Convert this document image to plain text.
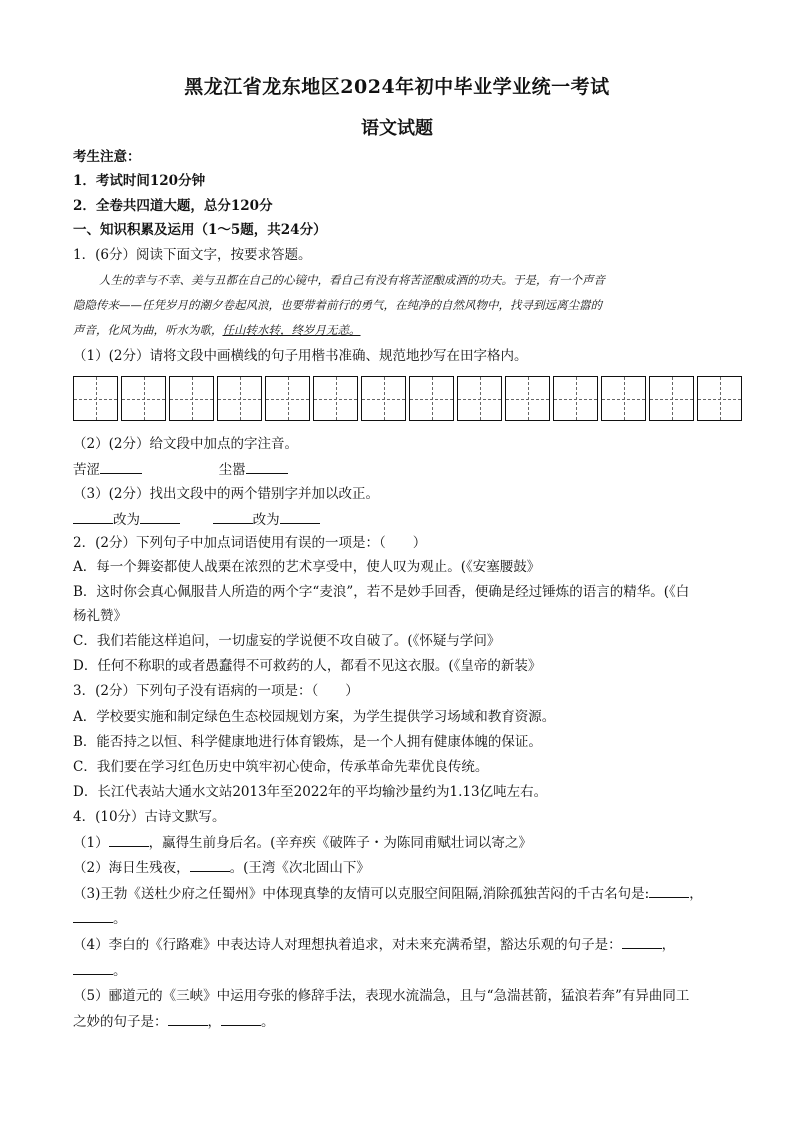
黑龙江省龙东地区2024年初中毕业学业统一考试
语文试题
考生注意：
1．考试时间120分钟
2．全卷共四道大题，总分120分
一、知识积累及运用（1～5题，共24分）
1．(6分）阅读下面文字，按要求答题。
人生的幸与不幸、美与丑都在自己的心镜中，看自己有没有将苦涩酿成酒的功夫。于是，有一个声音
隐隐传来——任凭岁月的潮夕卷起风浪，也要带着前行的勇气，在纯净的自然风物中，找寻到远离尘嚣的
声音，化风为曲，听水为歌，任山转水转，终岁月无恙。
（1）(2分）请将文段中画横线的句子用楷书准确、规范地抄写在田字格内。
（2）(2分）给文段中加点的字注音。
苦涩	尘嚣
（3）(2分）找出文段中的两个错别字并加以改正。
改为	改为
2．(2分）下列句子中加点词语使用有误的一项是：（　　）
A．每一个舞姿都使人战栗在浓烈的艺术享受中，使人叹为观止。(《安塞腰鼓》
B．这时你会真心佩服昔人所造的两个字“麦浪”，若不是妙手回香，便确是经过锤炼的语言的精华。(《白
杨礼赞》
C．我们若能这样追问，一切虚妄的学说便不攻自破了。(《怀疑与学问》
D．任何不称职的或者愚蠢得不可救药的人，都看不见这衣服。(《皇帝的新装》
3．(2分）下列句子没有语病的一项是：（　　）
A．学校要实施和制定绿色生态校园规划方案，为学生提供学习场域和教育资源。
B．能否持之以恒、科学健康地进行体育锻炼，是一个人拥有健康体魄的保证。
C．我们要在学习红色历史中筑牢初心使命，传承革命先辈优良传统。
D．长江代表站大通水文站2013年至2022年的平均输沙量约为1.13亿吨左右。
4．(10分）古诗文默写。
（1）	，赢得生前身后名。(辛弃疾《破阵子・为陈同甫赋壮词以寄之》
（2）海日生残夜，	。(王湾《次北固山下》
（3)王勃《送杜少府之任蜀州》中体现真挚的友情可以克服空间阻隔,消除孤独苦闷的千古名句是:	，
。
（4）李白的《行路难》中表达诗人对理想执着追求，对未来充满希望，豁达乐观的句子是：	，
。
（5）郦道元的《三峡》中运用夸张的修辞手法，表现水流湍急，且与“急湍甚箭，猛浪若奔”有异曲同工
之妙的句子是：	，	。
